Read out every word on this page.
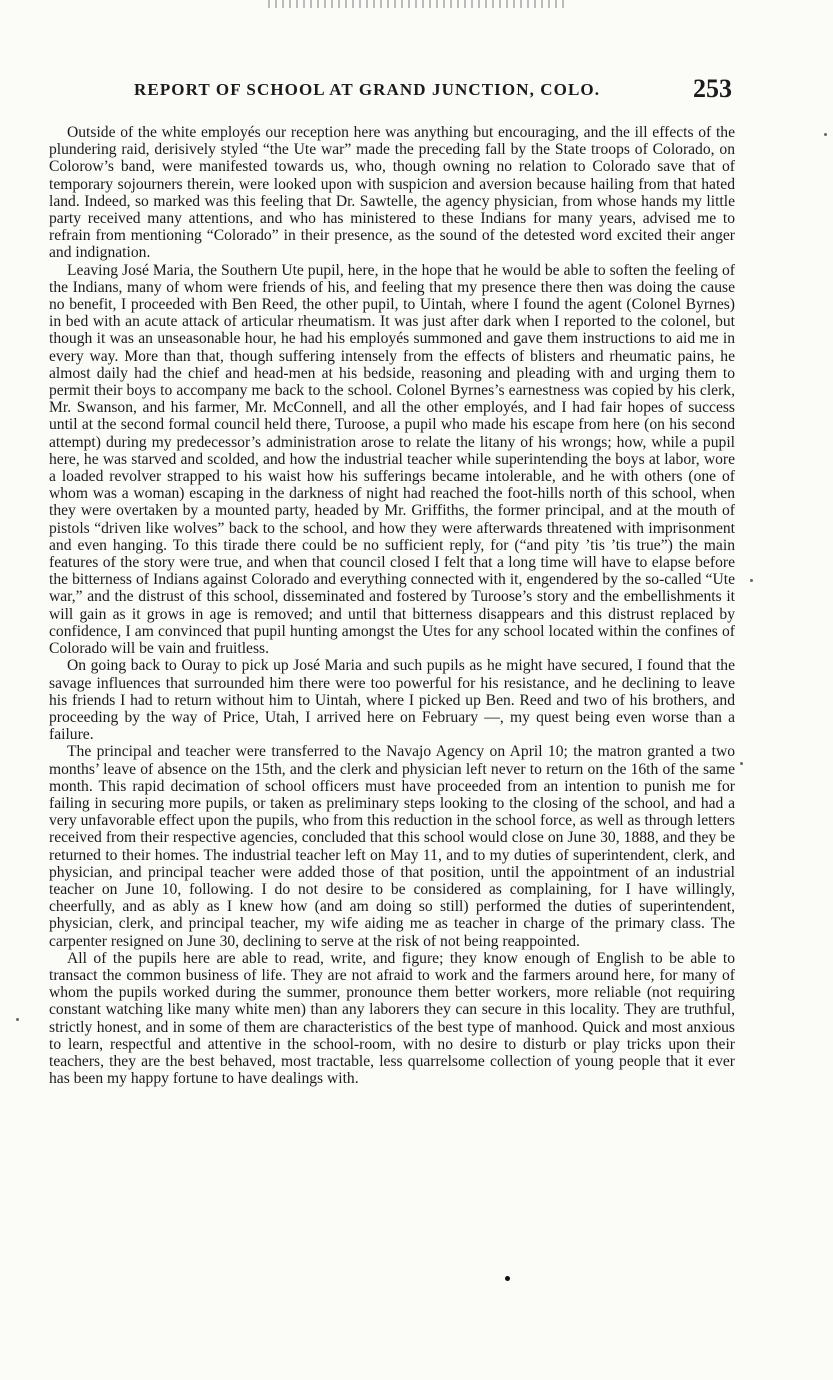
REPORT OF SCHOOL AT GRAND JUNCTION, COLO.	253

Outside of the white employés our reception here was anything but encouraging, and the ill effects of the plundering raid, derisively styled “the Ute war” made the preceding fall by the State troops of Colorado, on Colorow’s band, were manifested towards us, who, though owning no relation to Colorado save that of temporary sojourners therein, were looked upon with suspicion and aversion because hailing from that hated land. Indeed, so marked was this feeling that Dr. Sawtelle, the agency physician, from whose hands my little party received many attentions, and who has ministered to these Indians for many years, advised me to refrain from mentioning “Colorado” in their presence, as the sound of the detested word excited their anger and indignation.

Leaving José Maria, the Southern Ute pupil, here, in the hope that he would be able to soften the feeling of the Indians, many of whom were friends of his, and feeling that my presence there then was doing the cause no benefit, I proceeded with Ben Reed, the other pupil, to Uintah, where I found the agent (Colonel Byrnes) in bed with an acute attack of articular rheumatism. It was just after dark when I reported to the colonel, but though it was an unseasonable hour, he had his employés summoned and gave them instructions to aid me in every way. More than that, though suffering intensely from the effects of blisters and rheumatic pains, he almost daily had the chief and head-men at his bedside, reasoning and pleading with and urging them to permit their boys to accompany me back to the school. Colonel Byrnes’s earnestness was copied by his clerk, Mr. Swanson, and his farmer, Mr. McConnell, and all the other employés, and I had fair hopes of success until at the second formal council held there, Turoose, a pupil who made his escape from here (on his second attempt) during my predecessor’s administration arose to relate the litany of his wrongs; how, while a pupil here, he was starved and scolded, and how the industrial teacher while superintending the boys at labor, wore a loaded revolver strapped to his waist how his sufferings became intolerable, and he with others (one of whom was a woman) escaping in the darkness of night had reached the foot-hills north of this school, when they were overtaken by a mounted party, headed by Mr. Griffiths, the former principal, and at the mouth of pistols “driven like wolves” back to the school, and how they were afterwards threatened with imprisonment and even hanging. To this tirade there could be no sufficient reply, for (“and pity ’tis ’tis true”) the main features of the story were true, and when that council closed I felt that a long time will have to elapse before the bitterness of Indians against Colorado and everything connected with it, engendered by the so-called “Ute war,” and the distrust of this school, disseminated and fostered by Turoose’s story and the embellishments it will gain as it grows in age is removed; and until that bitterness disappears and this distrust replaced by confidence, I am convinced that pupil hunting amongst the Utes for any school located within the confines of Colorado will be vain and fruitless.

On going back to Ouray to pick up José Maria and such pupils as he might have secured, I found that the savage influences that surrounded him there were too powerful for his resistance, and he declining to leave his friends I had to return without him to Uintah, where I picked up Ben. Reed and two of his brothers, and proceeding by the way of Price, Utah, I arrived here on February —, my quest being even worse than a failure.

The principal and teacher were transferred to the Navajo Agency on April 10; the matron granted a two months’ leave of absence on the 15th, and the clerk and physician left never to return on the 16th of the same month. This rapid decimation of school officers must have proceeded from an intention to punish me for failing in securing more pupils, or taken as preliminary steps looking to the closing of the school, and had a very unfavorable effect upon the pupils, who from this reduction in the school force, as well as through letters received from their respective agencies, concluded that this school would close on June 30, 1888, and they be returned to their homes. The industrial teacher left on May 11, and to my duties of superintendent, clerk, and physician, and principal teacher were added those of that position, until the appointment of an industrial teacher on June 10, following. I do not desire to be considered as complaining, for I have willingly, cheerfully, and as ably as I knew how (and am doing so still) performed the duties of superintendent, physician, clerk, and principal teacher, my wife aiding me as teacher in charge of the primary class. The carpenter resigned on June 30, declining to serve at the risk of not being reappointed.

All of the pupils here are able to read, write, and figure; they know enough of English to be able to transact the common business of life. They are not afraid to work and the farmers around here, for many of whom the pupils worked during the summer, pronounce them better workers, more reliable (not requiring constant watching like many white men) than any laborers they can secure in this locality. They are truthful, strictly honest, and in some of them are characteristics of the best type of manhood. Quick and most anxious to learn, respectful and attentive in the school-room, with no desire to disturb or play tricks upon their teachers, they are the best behaved, most tractable, less quarrelsome collection of young people that it ever has been my happy fortune to have dealings with.
